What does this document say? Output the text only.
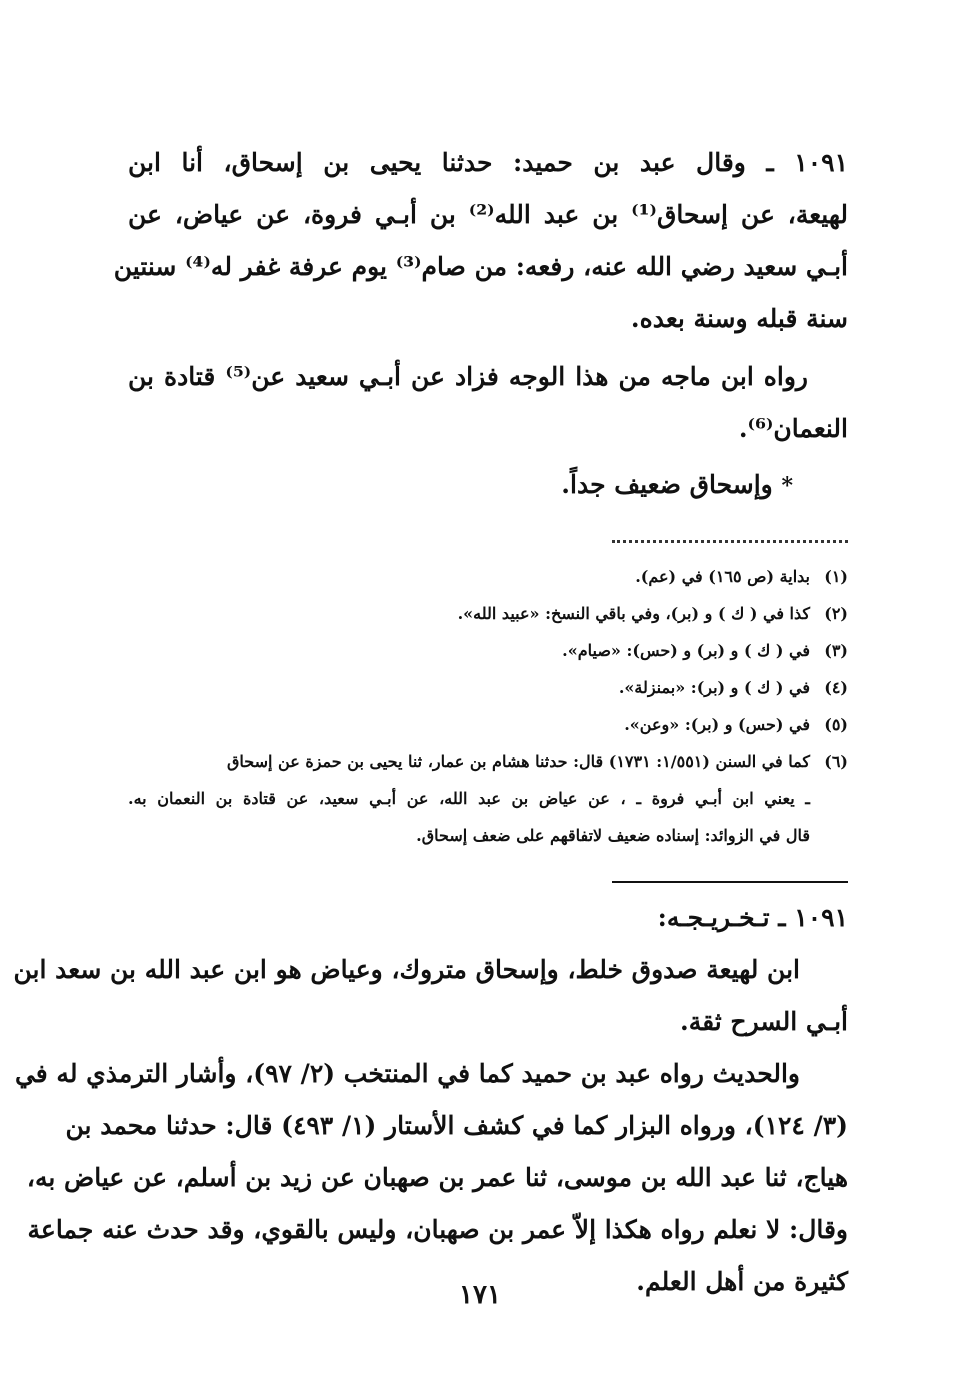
١٠٩١ ـ وقال عبد بن حميد: حدثنا يحيى بن إسحاق، أنا ابن
لهيعة، عن إسحاق⁽¹⁾ بن عبد الله⁽²⁾ بن أبـي فروة، عن عياض، عن
أبـي سعيد رضي الله عنه، رفعه: من صام⁽³⁾ يوم عرفة غفر له⁽⁴⁾ سنتين
سنة قبله وسنة بعده.
رواه ابن ماجه من هذا الوجه فزاد عن أبـي سعيد عن⁽⁵⁾ قتادة بن
النعمان⁽⁶⁾.
* وإسحاق ضعيف جداً.
(١)بداية (ص ١٦٥) في (عم).
(٢)كذا في ( ك ) و (بر)، وفي باقي النسخ: «عبيد الله».
(٣)في ( ك ) و (بر) و (حس): «صيام».
(٤)في ( ك ) و (بر): «بمنزلة».
(٥)في (حس) و (بر): «وعن».
(٦)كما في السنن (١/٥٥١: ١٧٣١) قال: حدثنا هشام بن عمار، ثنا يحيى بن حمزة عن إسحاق
ـ يعني ابن أبـي فروة ـ ، عن عياض بن عبد الله، عن أبـي سعيد، عن قتادة بن النعمان به.
قال في الزوائد: إسناده ضعيف لاتفاقهم على ضعف إسحاق.
١٠٩١ ـ تـخـريـجـه:
ابن لهيعة صدوق خلط، وإسحاق متروك، وعياض هو ابن عبد الله بن سعد ابن
أبـي السرح ثقة.
والحديث رواه عبد بن حميد كما في المنتخب (٢/ ٩٧)، وأشار الترمذي له في
(٣/ ١٢٤)، ورواه البزار كما في كشف الأستار (١/ ٤٩٣) قال: حدثنا محمد بن
هياج، ثنا عبد الله بن موسى، ثنا عمر بن صهبان عن زيد بن أسلم، عن عياض به،
وقال: لا نعلم رواه هكذا إلاّ عمر بن صهبان، وليس بالقوي، وقد حدث عنه جماعة
كثيرة من أهل العلم.
١٧١
